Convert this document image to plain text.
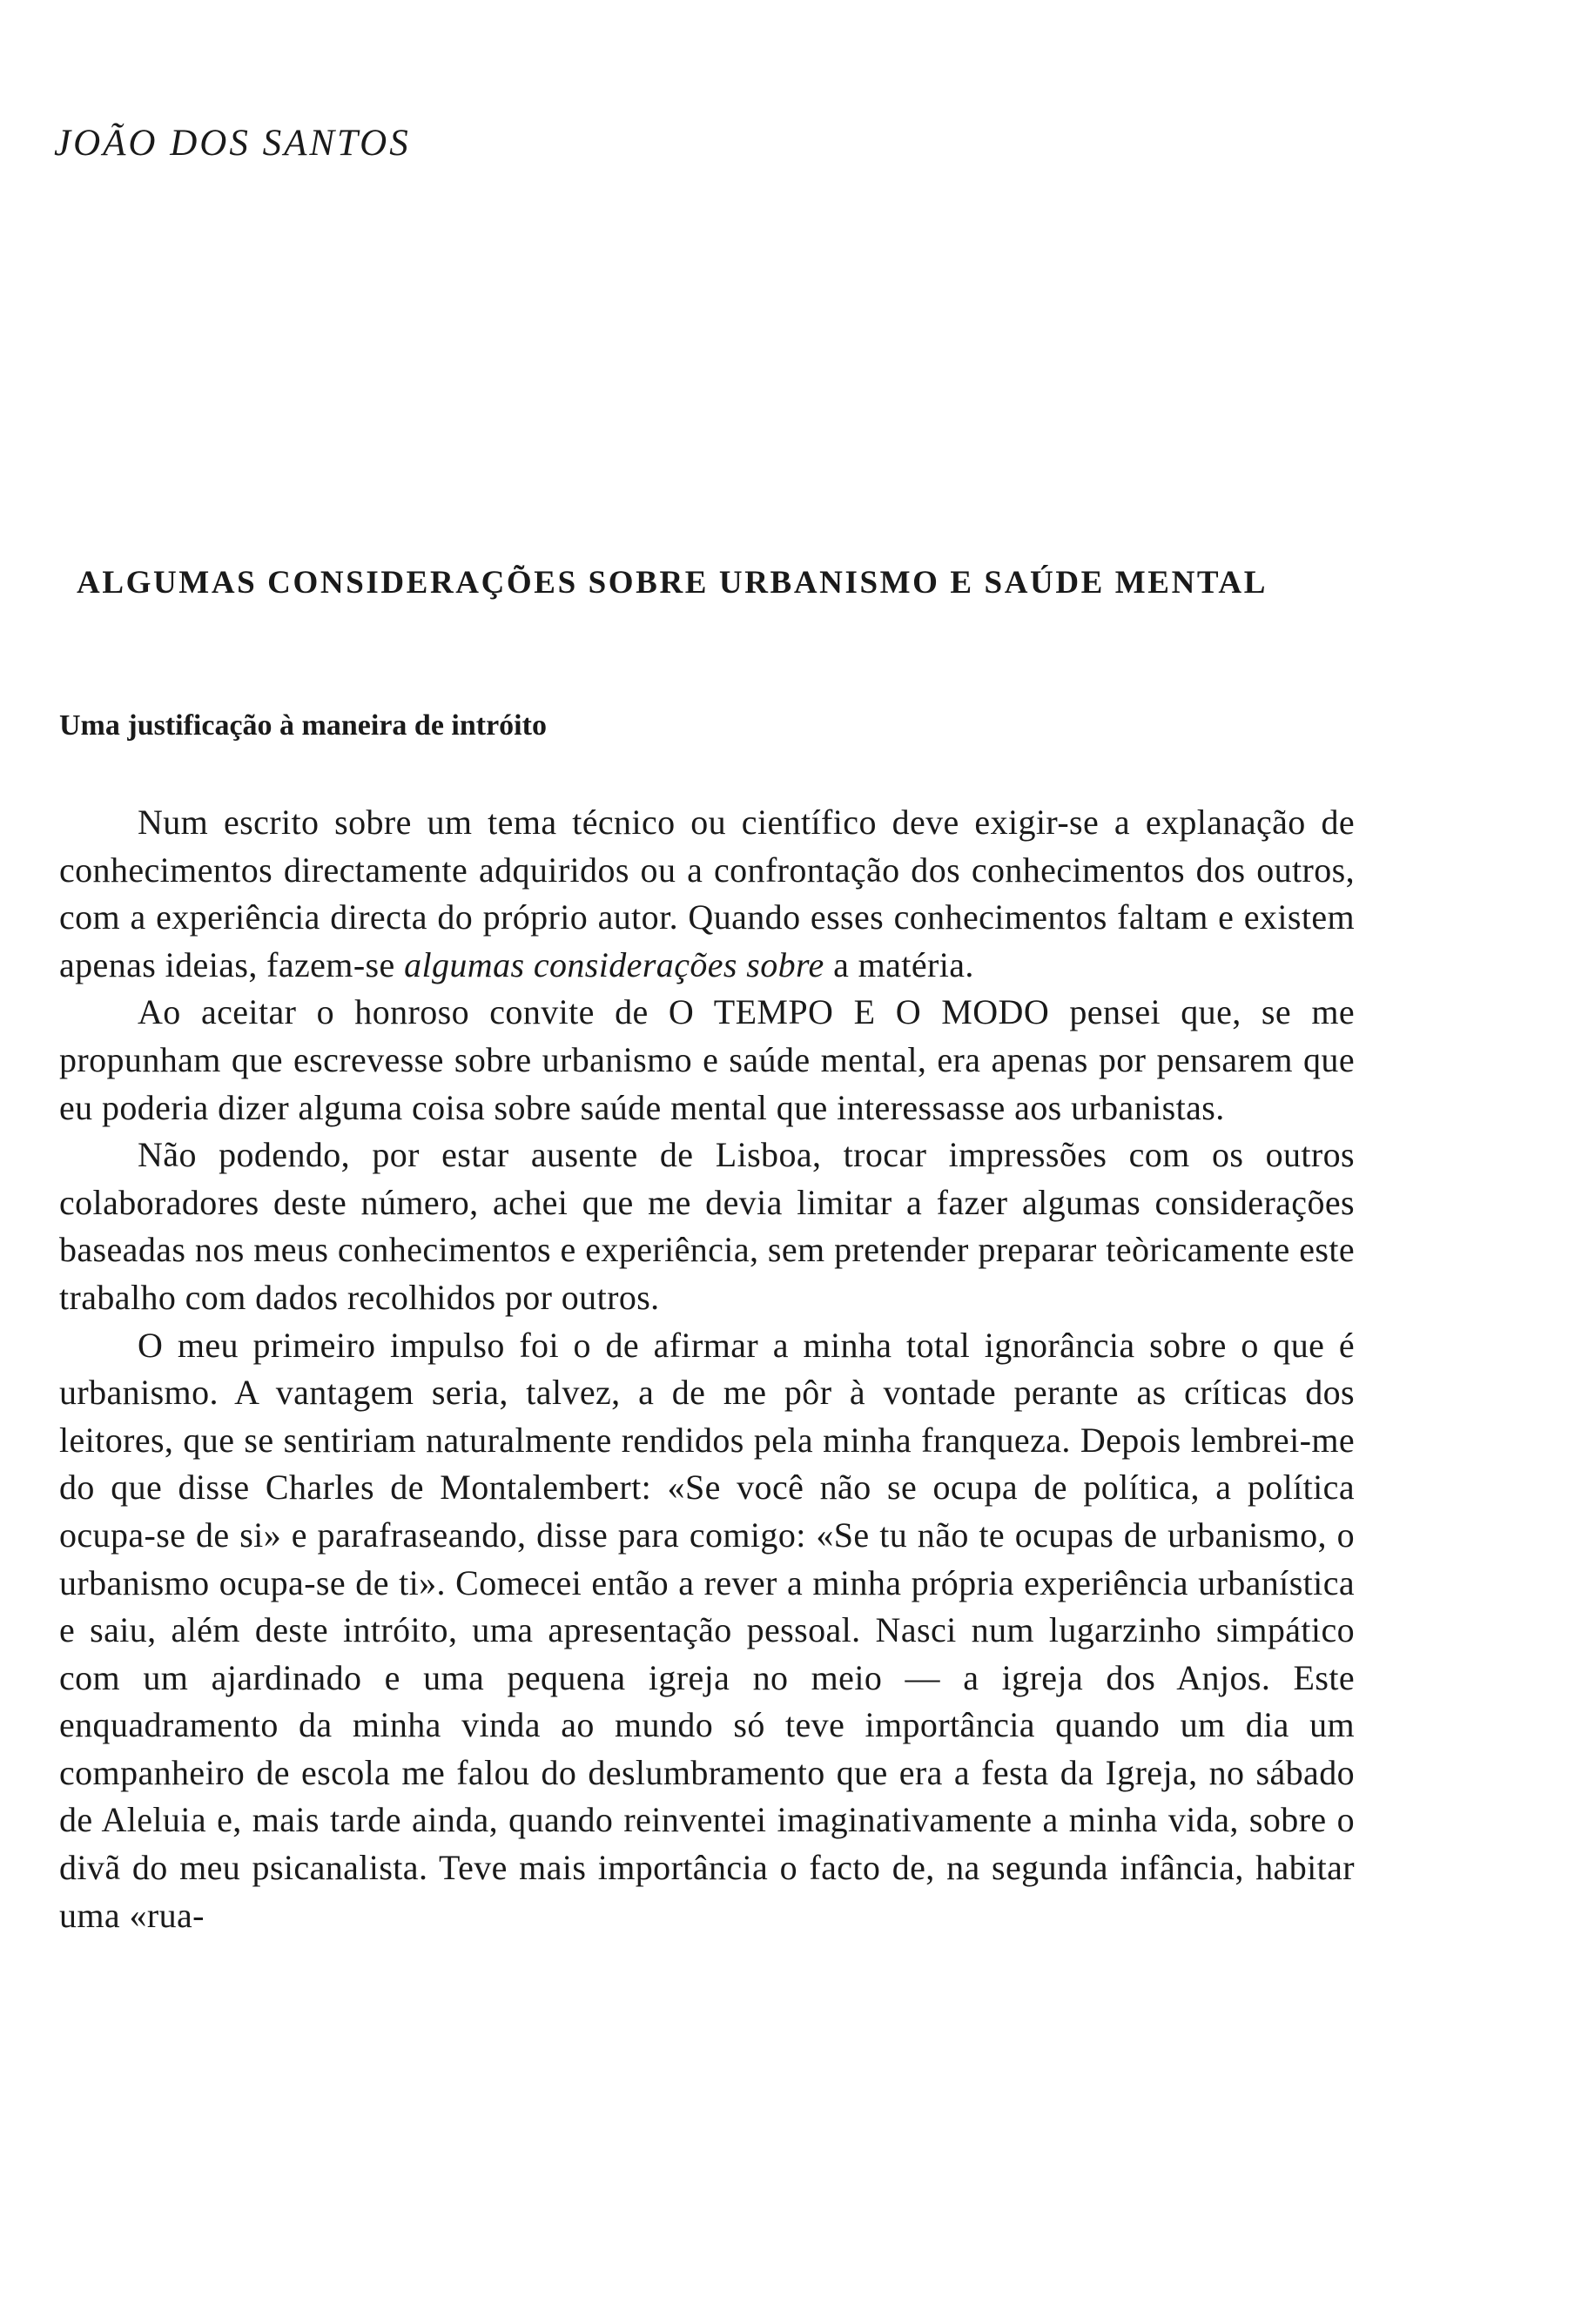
JOÃO DOS SANTOS
ALGUMAS CONSIDERAÇÕES SOBRE URBANISMO E SAÚDE MENTAL
Uma justificação à maneira de intróito

Num escrito sobre um tema técnico ou científico deve exigir-se a explanação de conhecimentos directamente adquiridos ou a confrontação dos conhecimentos dos outros, com a experiência directa do próprio autor. Quando esses conhecimentos faltam e existem apenas ideias, fazem-se algumas considerações sobre a matéria.

Ao aceitar o honroso convite de O TEMPO E O MODO pensei que, se me propunham que escrevesse sobre urbanismo e saúde mental, era apenas por pensarem que eu poderia dizer alguma coisa sobre saúde mental que interessasse aos urbanistas.

Não podendo, por estar ausente de Lisboa, trocar impressões com os outros colaboradores deste número, achei que me devia limitar a fazer algumas considerações baseadas nos meus conhecimentos e experiência, sem pretender preparar teòricamente este trabalho com dados recolhidos por outros.

O meu primeiro impulso foi o de afirmar a minha total ignorância sobre o que é urbanismo. A vantagem seria, talvez, a de me pôr à vontade perante as críticas dos leitores, que se sentiriam naturalmente rendidos pela minha franqueza. Depois lembrei-me do que disse Charles de Montalembert: «Se você não se ocupa de política, a política ocupa-se de si» e parafraseando, disse para comigo: «Se tu não te ocupas de urbanismo, o urbanismo ocupa-se de ti». Comecei então a rever a minha própria experiência urbanística e saiu, além deste intróito, uma apresentação pessoal. Nasci num lugarzinho simpático com um ajardinado e uma pequena igreja no meio — a igreja dos Anjos. Este enquadramento da minha vinda ao mundo só teve importância quando um dia um companheiro de escola me falou do deslumbramento que era a festa da Igreja, no sábado de Aleluia e, mais tarde ainda, quando reinventei imaginativamente a minha vida, sobre o divã do meu psicanalista. Teve mais importância o facto de, na segunda infância, habitar uma «rua-
